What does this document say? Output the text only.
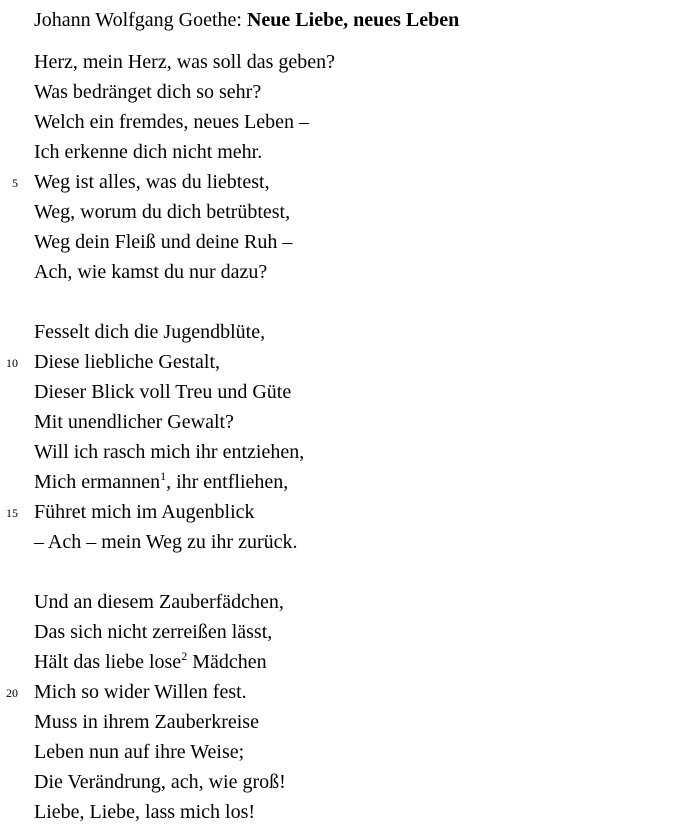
Johann Wolfgang Goethe: Neue Liebe, neues Leben
Herz, mein Herz, was soll das geben?
Was bedränget dich so sehr?
Welch ein fremdes, neues Leben –
Ich erkenne dich nicht mehr.
5 Weg ist alles, was du liebtest,
Weg, worum du dich betrübtest,
Weg dein Fleiß und deine Ruh –
Ach, wie kamst du nur dazu?
Fesselt dich die Jugendblüte,
10 Diese liebliche Gestalt,
Dieser Blick voll Treu und Güte
Mit unendlicher Gewalt?
Will ich rasch mich ihr entziehen,
Mich ermannen$^1$, ihr entfliehen,
15 Führet mich im Augenblick
– Ach – mein Weg zu ihr zurück.
Und an diesem Zauberfädchen,
Das sich nicht zerreißen lässt,
Hält das liebe lose$^2$ Mädchen
20 Mich so wider Willen fest.
Muss in ihrem Zauberkreise
Leben nun auf ihre Weise;
Die Verändrung, ach, wie groß!
Liebe, Liebe, lass mich los!
